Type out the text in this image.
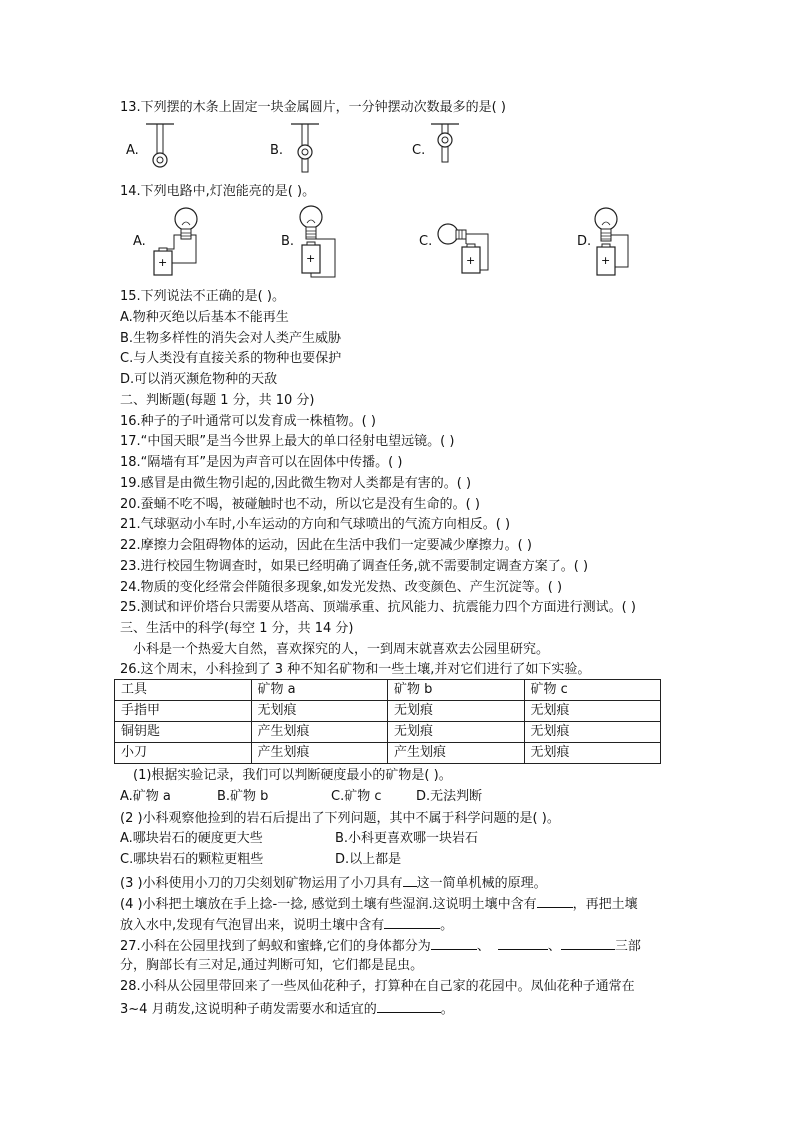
13.下列摆的木条上固定一块金属圆片，一分钟摆动次数最多的是( )
A.	B.	C.
14.下列电路中,灯泡能亮的是( )。
A.	B.	C.	D.
+	+	+	+
15.下列说法不正确的是( )。
A.物种灭绝以后基本不能再生
B.生物多样性的消失会对人类产生威胁
C.与人类没有直接关系的物种也要保护
D.可以消灭濒危物种的天敌
二、判断题(每题 1 分，共 10 分)
16.种子的子叶通常可以发育成一株植物。( )
17.“中国天眼”是当今世界上最大的单口径射电望远镜。( )
18.“隔墙有耳”是因为声音可以在固体中传播。( )
19.感冒是由微生物引起的,因此微生物对人类都是有害的。( )
20.蚕蛹不吃不喝，被碰触时也不动，所以它是没有生命的。( )
21.气球驱动小车时,小车运动的方向和气球喷出的气流方向相反。( )
22.摩擦力会阻碍物体的运动，因此在生活中我们一定要减少摩擦力。( )
23.进行校园生物调查时，如果已经明确了调查任务,就不需要制定调查方案了。( )
24.物质的变化经常会伴随很多现象,如发光发热、改变颜色、产生沉淀等。( )
25.测试和评价塔台只需要从塔高、顶端承重、抗风能力、抗震能力四个方面进行测试。( )
三、生活中的科学(每空 1 分，共 14 分)
小科是一个热爱大自然，喜欢探究的人，一到周末就喜欢去公园里研究。
26.这个周末，小科捡到了 3 种不知名矿物和一些土壤,并对它们进行了如下实验。
工具	矿物 a	矿物 b	矿物 c
手指甲	无划痕	无划痕	无划痕
铜钥匙	产生划痕	无划痕	无划痕
小刀	产生划痕	产生划痕	无划痕
(1)根据实验记录，我们可以判断硬度最小的矿物是( )。
A.矿物 a	B.矿物 b	C.矿物 c	D.无法判断
(2 )小科观察他捡到的岩石后提出了下列问题，其中不属于科学问题的是( )。
A.哪块岩石的硬度更大些	B.小科更喜欢哪一块岩石
C.哪块岩石的颗粒更粗些	D.以上都是
(3 )小科使用小刀的刀尖刻划矿物运用了小刀具有 这一简单机械的原理。
(4 )小科把土壤放在手上捻-一捻, 感觉到土壤有些湿润.这说明土壤中含有	，再把土壤
放入水中,发现有气泡冒出来，说明土壤中含有	。
27.小科在公园里找到了蚂蚁和蜜蜂,它们的身体都分为	、	、	三部
分，胸部长有三对足,通过判断可知，它们都是昆虫。
28.小科从公园里带回来了一些凤仙花种子，打算种在自己家的花园中。凤仙花种子通常在
3~4 月萌发,这说明种子萌发需要水和适宜的	。
